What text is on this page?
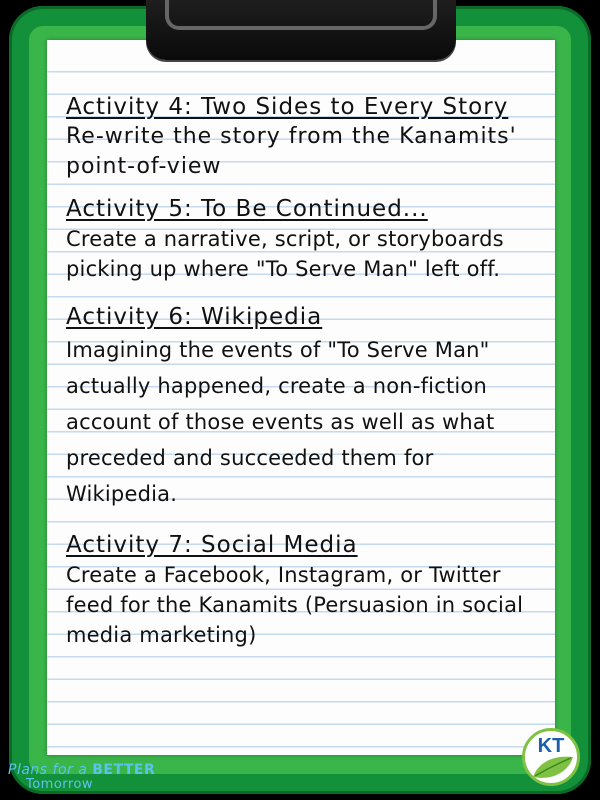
Activity 4: Two Sides to Every Story

Re-write the story from the Kanamits' point-of-view

Activity 5: To Be Continued...

Create a narrative, script, or storyboards picking up where "To Serve Man" left off.

Activity 6: Wikipedia

Imagining the events of "To Serve Man" actually happened, create a non-fiction account of those events as well as what preceded and succeeded them for Wikipedia.

Activity 7: Social Media

Create a Facebook, Instagram, or Twitter feed for the Kanamits (Persuasion in social media marketing)

Plans for a BETTER
Tomorrow
KT
